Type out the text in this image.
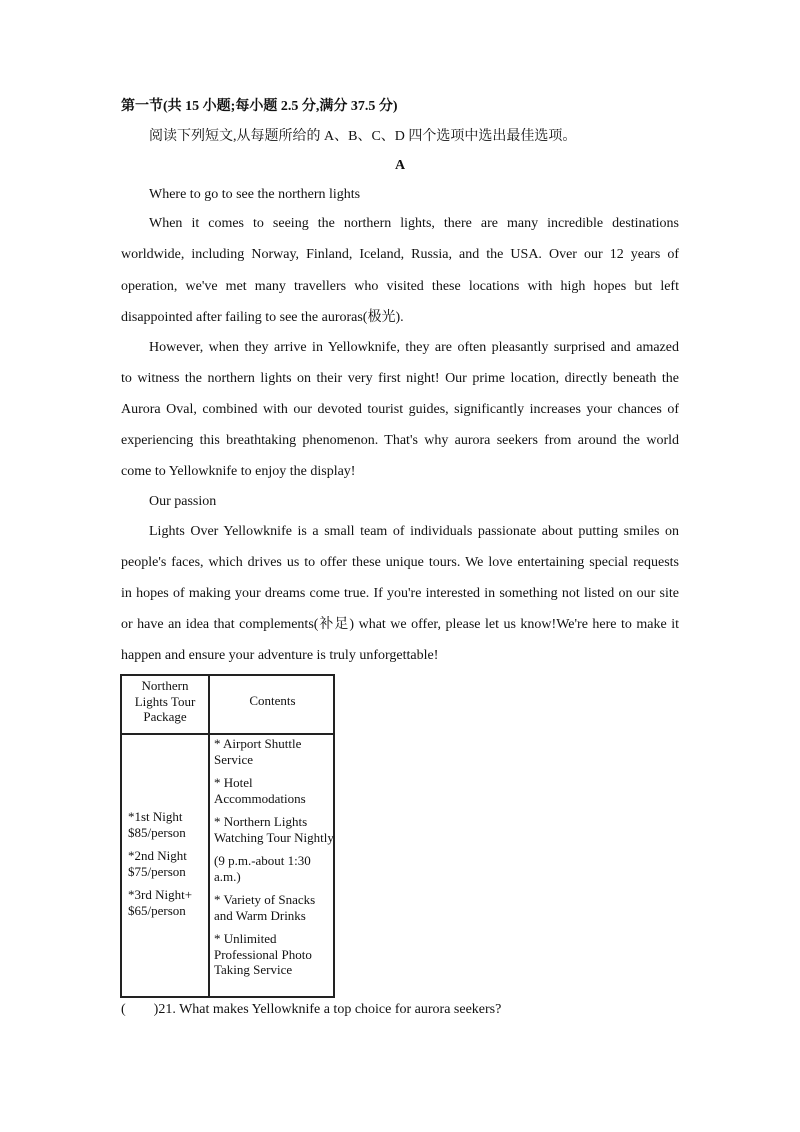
第一节(共 15 小题;每小题 2.5 分,满分 37.5 分)
阅读下列短文,从每题所给的 A、B、C、D 四个选项中选出最佳选项。
A
Where to go to see the northern lights
When it comes to seeing the northern lights, there are many incredible destinations
worldwide, including Norway, Finland, Iceland, Russia, and the USA. Over our 12 years of
operation, we've met many travellers who visited these locations with high hopes but left
disappointed after failing to see the auroras(极光).
However, when they arrive in Yellowknife, they are often pleasantly surprised and amazed
to witness the northern lights on their very first night! Our prime location, directly beneath the
Aurora Oval, combined with our devoted tourist guides, significantly increases your chances of
experiencing this breathtaking phenomenon. That's why aurora seekers from around the world
come to Yellowknife to enjoy the display!
Our passion
Lights Over Yellowknife is a small team of individuals passionate about putting smiles on
people's faces, which drives us to offer these unique tours. We love entertaining special requests
in hopes of making your dreams come true. If you're interested in something not listed on our site
or have an idea that complements(补足) what we offer, please let us know!We're here to make it
happen and ensure your adventure is truly unforgettable!
Northern Lights Tour Package
Contents

*1st Night $85/person

*2nd Night $75/person

*3rd Night+ $65/person

* Airport Shuttle Service

* Hotel Accommodations

* Northern Lights Watching Tour Nightly

(9 p.m.-about 1:30 a.m.)

* Variety of Snacks and Warm Drinks

* Unlimited Professional Photo Taking Service

(        )21. What makes Yellowknife a top choice for aurora seekers?
